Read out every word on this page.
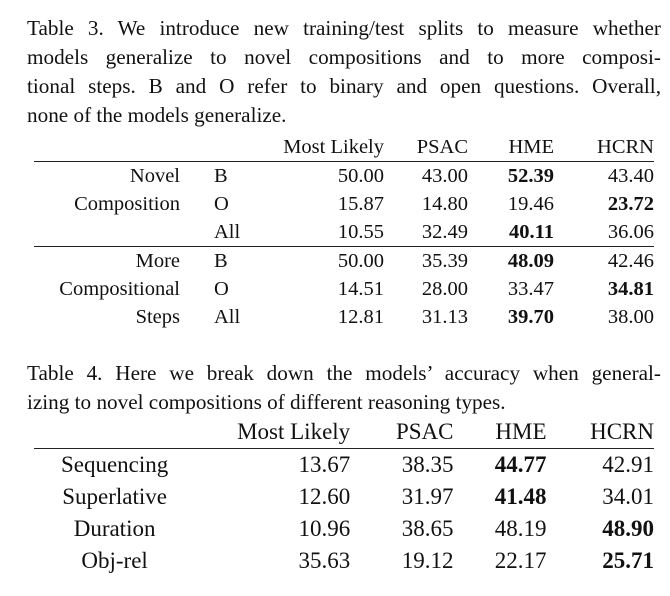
Table 3. We introduce new training/test splits to measure whether
models generalize to novel compositions and to more composi-
tional steps. B and O refer to binary and open questions. Overall,
none of the models generalize.
		Most Likely	PSAC	HME	HCRN
Novel	B	50.00	43.00	52.39	43.40
Composition	O	15.87	14.80	19.46	23.72
	All	10.55	32.49	40.11	36.06
More	B	50.00	35.39	48.09	42.46
Compositional	O	14.51	28.00	33.47	34.81
Steps	All	12.81	31.13	39.70	38.00
Table 4. Here we break down the models’ accuracy when general-
izing to novel compositions of different reasoning types.
	Most Likely	PSAC	HME	HCRN
Sequencing	13.67	38.35	44.77	42.91
Superlative	12.60	31.97	41.48	34.01
Duration	10.96	38.65	48.19	48.90
Obj-rel	35.63	19.12	22.17	25.71
